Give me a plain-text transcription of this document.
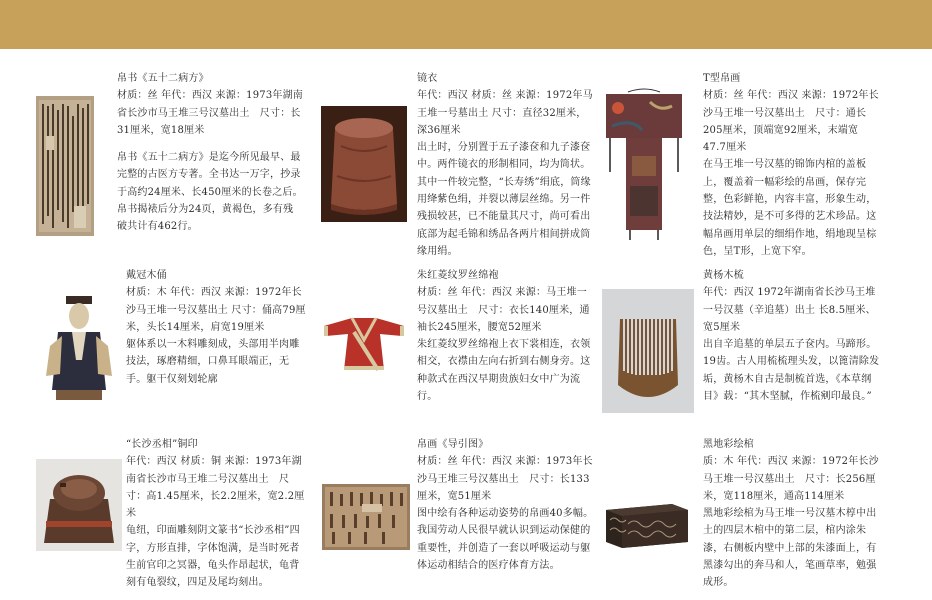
帛书《五十二病方》

材质：丝 年代：西汉 来源：1973年湖南省长沙市马王堆三号汉墓出土　尺寸：长31厘米，宽18厘米

帛书《五十二病方》是迄今所见最早、最完整的古医方专著。全书达一万字，抄录于高约24厘米、长450厘米的长卷之后。帛书揭裱后分为24页，黄褐色，多有残破共计有462行。

镜衣

年代：西汉 材质：丝 来源：1972年马王堆一号墓出土 尺寸：直径32厘米，深36厘米

出土时，分别置于五子漆奁和九子漆奁中。两件镜衣的形制相同，均为筒状。其中一件较完整，“长寿绣”绢底，筒缘用绛紫色绢，并裂以薄层丝绵。另一件残损较甚，已不能量其尺寸，尚可看出底部为起毛锦和绣品各两片相间拼成筒缘用绢。

T型帛画

材质：丝 年代：西汉 来源：1972年长沙马王堆一号汉墓出土　尺寸：通长205厘米，顶端宽92厘米，末端宽47.7厘米

在马王堆一号汉墓的锦饰内棺的盖板上，覆盖着一幅彩绘的帛画，保存完整，色彩鲜艳，内容丰富，形象生动，技法精妙，是不可多得的艺术珍品。这幅帛画用单层的细绢作地，绢地现呈棕色，呈T形，上宽下窄。

戴冠木俑

材质：木 年代：西汉 来源：1972年长沙马王堆一号汉墓出土 尺寸：俑高79厘米，头长14厘米，肩宽19厘米

躯体系以一木料雕刻成，头部用半肉雕技法，琢磨精细，口鼻耳眼端正，无手。躯干仅刻划轮廓

朱红菱纹罗丝绵袍

材质：丝 年代：西汉 来源：马王堆一号汉墓出土　尺寸：衣长140厘米，通袖长245厘米，腰宽52厘米

朱红菱纹罗丝绵袍上衣下裳相连，衣领相交，衣襟由左向右折到右侧身旁。这种款式在西汉早期贵族妇女中广为流行。

黄杨木梳

年代：西汉 1972年湖南省长沙马王堆一号汉墓（辛追墓）出土 长8.5厘米、宽5厘米

出自辛追墓的单层五子奁内。马蹄形。19齿。古人用梳梳理头发，以篦清除发垢，黄杨木自古是制梳首选，《本草纲目》载：“其木坚腻，作梳剜印最良。”

“长沙丞相”铜印

年代：西汉 材质：铜 来源：1973年湖南省长沙市马王堆二号汉墓出土　尺寸：高1.45厘米，长2.2厘米，宽2.2厘米

龟纽，印面雕刻阴文篆书“长沙丞相”四字，方形直排，字体饱满，是当时死者生前官印之冥器，龟头作昂起状，龟背刻有龟裂纹，四足及尾均刻出。

帛画《导引图》

材质：丝 年代：西汉 来源：1973年长沙马王堆三号汉墓出土　尺寸：长133厘米，宽51厘米

图中绘有各种运动姿势的帛画40多幅。我国劳动人民很早就认识到运动保健的重要性，并创造了一套以呼吸运动与躯体运动相结合的医疗体育方法。

黑地彩绘棺

质：木 年代：西汉 来源：1972年长沙马王堆一号汉墓出土　尺寸：长256厘米，宽118厘米，通高114厘米

黑地彩绘棺为马王堆一号汉墓木椁中出土的四层木棺中的第二层，棺内涂朱漆，右侧板内壁中上部的朱漆面上，有黑漆勾出的奔马和人，笔画草率，勉强成形。
